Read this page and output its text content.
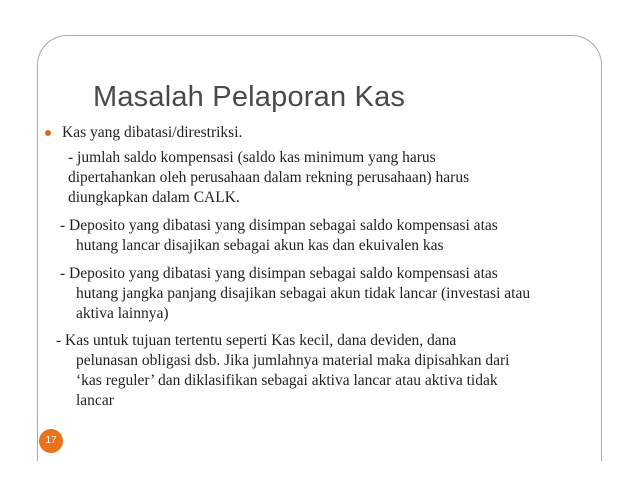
Masalah Pelaporan Kas
Kas yang dibatasi/direstriksi.
- jumlah saldo kompensasi (saldo kas minimum yang harus
dipertahankan oleh perusahaan dalam rekning perusahaan) harus
diungkapkan dalam CALK.
- Deposito yang dibatasi yang disimpan sebagai saldo kompensasi atas
hutang lancar disajikan sebagai akun kas dan ekuivalen kas
- Deposito yang dibatasi yang disimpan sebagai saldo kompensasi atas
hutang jangka panjang disajikan sebagai akun tidak lancar (investasi atau
aktiva lainnya)
- Kas untuk tujuan tertentu seperti Kas kecil, dana deviden, dana
pelunasan obligasi dsb. Jika jumlahnya material maka dipisahkan dari
‘kas reguler’ dan diklasifikan sebagai aktiva lancar atau aktiva tidak
lancar
17
